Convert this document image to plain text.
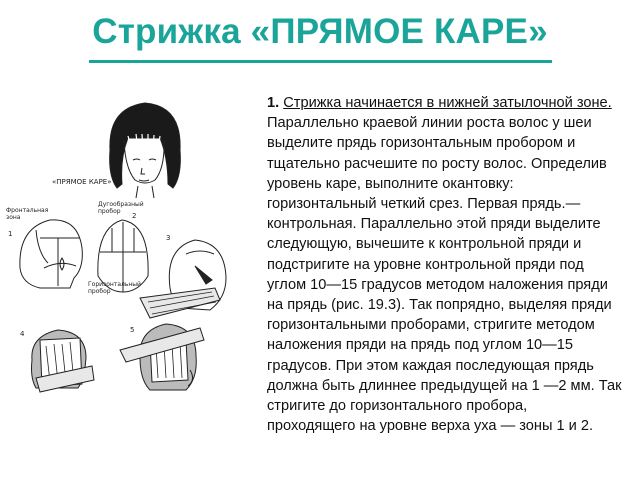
Стрижка «ПРЯМОЕ КАРЕ»
«ПРЯМОЕ КАРЕ»
Фронтальная зона
Дугообразный пробор
Горизонтальный пробор
1
2
3
4	5
1. Стрижка начинается в нижней затылочной зоне.
Параллельно краевой линии роста волос у шеи
выделите прядь горизонтальным пробором и
тщательно расчешите по росту волос. Определив
уровень каре, выполните окантовку:
горизонтальный четкий срез. Первая прядь.—
контрольная. Параллельно этой пряди выделите
следующую, вычешите к контрольной пряди и
подстригите на уровне контрольной пряди под
углом 10—15 градусов методом наложения пряди
на прядь (рис. 19.3). Так попрядно, выделяя пряди
горизонтальными проборами, стригите методом
наложения пряди на прядь под углом 10—15
градусов. При этом каждая последующая прядь
должна быть длиннее предыдущей на 1 —2 мм. Так
стригите до горизонтального пробора,
проходящего на уровне верха уха — зоны 1 и 2.
